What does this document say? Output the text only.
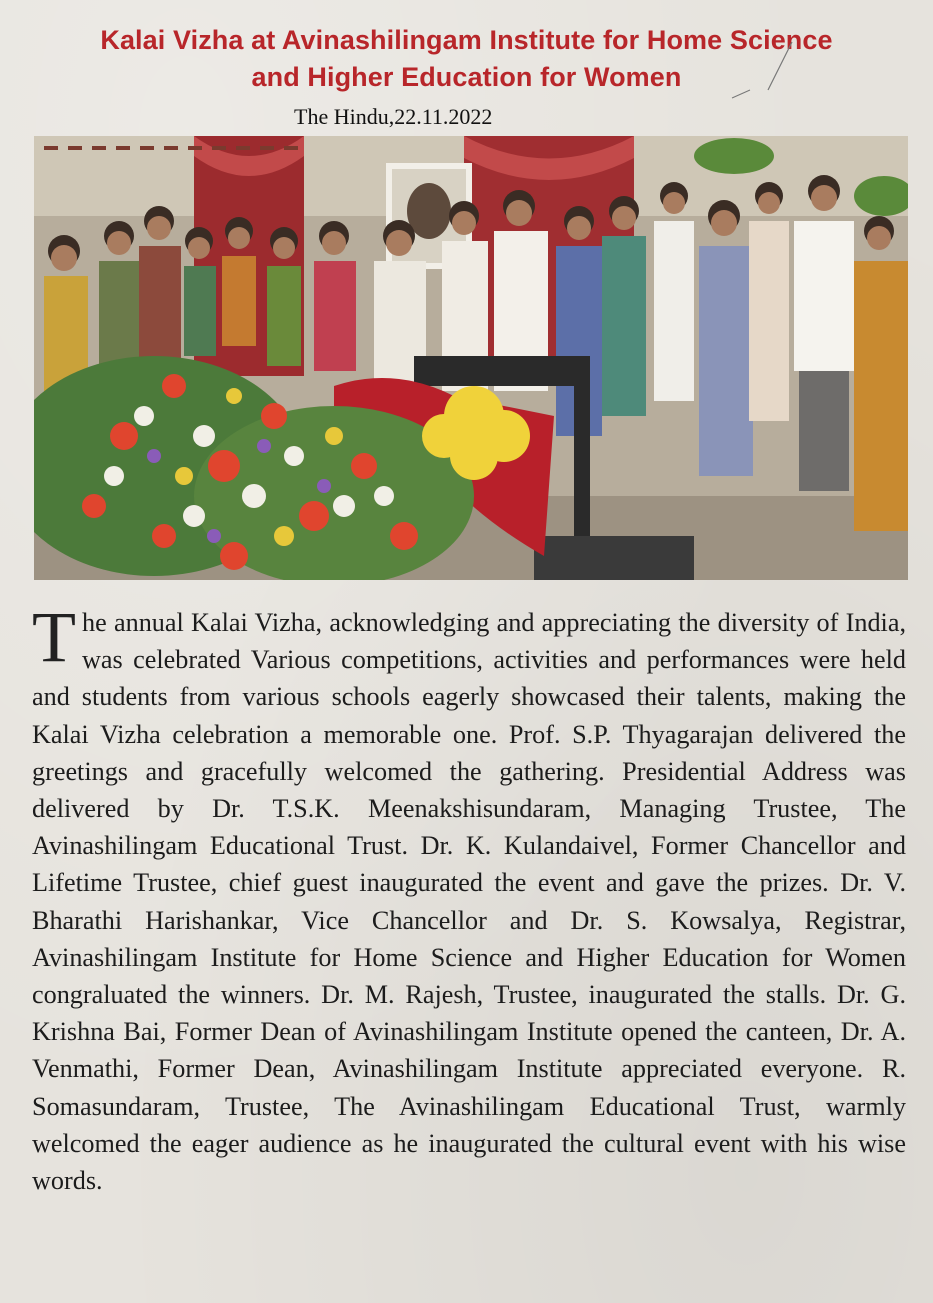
Kalai Vizha at Avinashilingam Institute for Home Science
and Higher Education for Women
The Hindu,22.11.2022
The annual Kalai Vizha, acknowledging and appreciating the diversity of India, was celebrated Various competitions, activities and performances were held and students from various schools eagerly showcased their talents, making the Kalai Vizha celebration a memorable one. Prof. S.P. Thyagarajan delivered the greetings and gracefully welcomed the gathering. Presidential Address was delivered by Dr. T.S.K. Meenakshisundaram, Managing Trustee, The Avinashilingam Educational Trust. Dr. K. Kulandaivel, Former Chancellor and Lifetime Trustee, chief guest inaugurated the event and gave the prizes. Dr. V. Bharathi Harishankar, Vice Chancellor and Dr. S. Kowsalya, Registrar, Avinashilingam Institute for Home Science and Higher Education for Women congraluated the winners. Dr. M. Rajesh, Trustee, inaugurated the stalls. Dr. G. Krishna Bai, Former Dean of Avinashilingam Institute opened the canteen, Dr. A. Venmathi, Former Dean, Avinashilingam Institute appreciated everyone. R. Somasundaram, Trustee, The Avinashilingam Educational Trust, warmly welcomed the eager audience as he inaugurated the cultural event with his wise words.
